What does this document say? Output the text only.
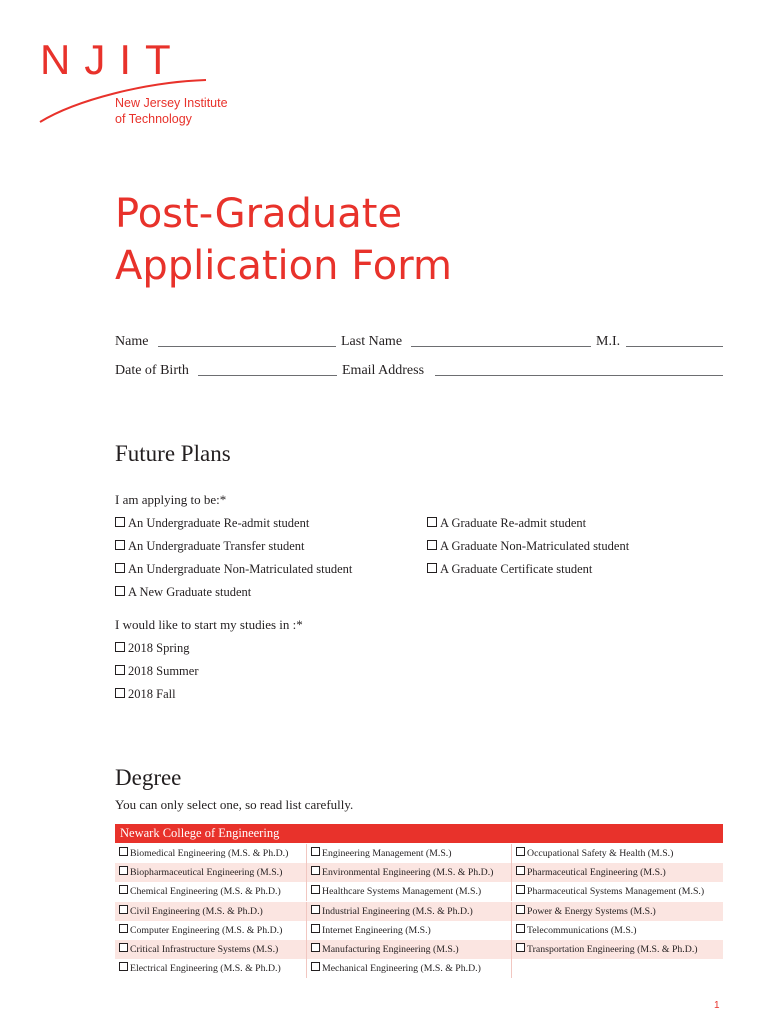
NJIT
New Jersey Institute
of Technology
Post-Graduate
Application Form
Name	Last Name	M.I.
Date of Birth	Email Address
Future Plans
I am applying to be:*
An Undergraduate Re-admit student	A Graduate Re-admit student
An Undergraduate Transfer student	A Graduate Non-Matriculated student
An Undergraduate Non-Matriculated student	A Graduate Certificate student
A New Graduate student
I would like to start my studies in :*
2018 Spring
2018 Summer
2018 Fall
Degree
You can only select one, so read list carefully.
Newark College of Engineering
Biomedical Engineering (M.S. & Ph.D.)	Engineering Management (M.S.)	Occupational Safety & Health (M.S.)
Biopharmaceutical Engineering (M.S.)	Environmental Engineering (M.S. & Ph.D.)	Pharmaceutical Engineering (M.S.)
Chemical Engineering (M.S. & Ph.D.)	Healthcare Systems Management (M.S.)	Pharmaceutical Systems Management (M.S.)
Civil Engineering (M.S. & Ph.D.)	Industrial Engineering (M.S. & Ph.D.)	Power & Energy Systems (M.S.)
Computer Engineering (M.S. & Ph.D.)	Internet Engineering (M.S.)	Telecommunications (M.S.)
Critical Infrastructure Systems (M.S.)	Manufacturing Engineering (M.S.)	Transportation Engineering (M.S. & Ph.D.)
Electrical Engineering (M.S. & Ph.D.)	Mechanical Engineering (M.S. & Ph.D.)
1
